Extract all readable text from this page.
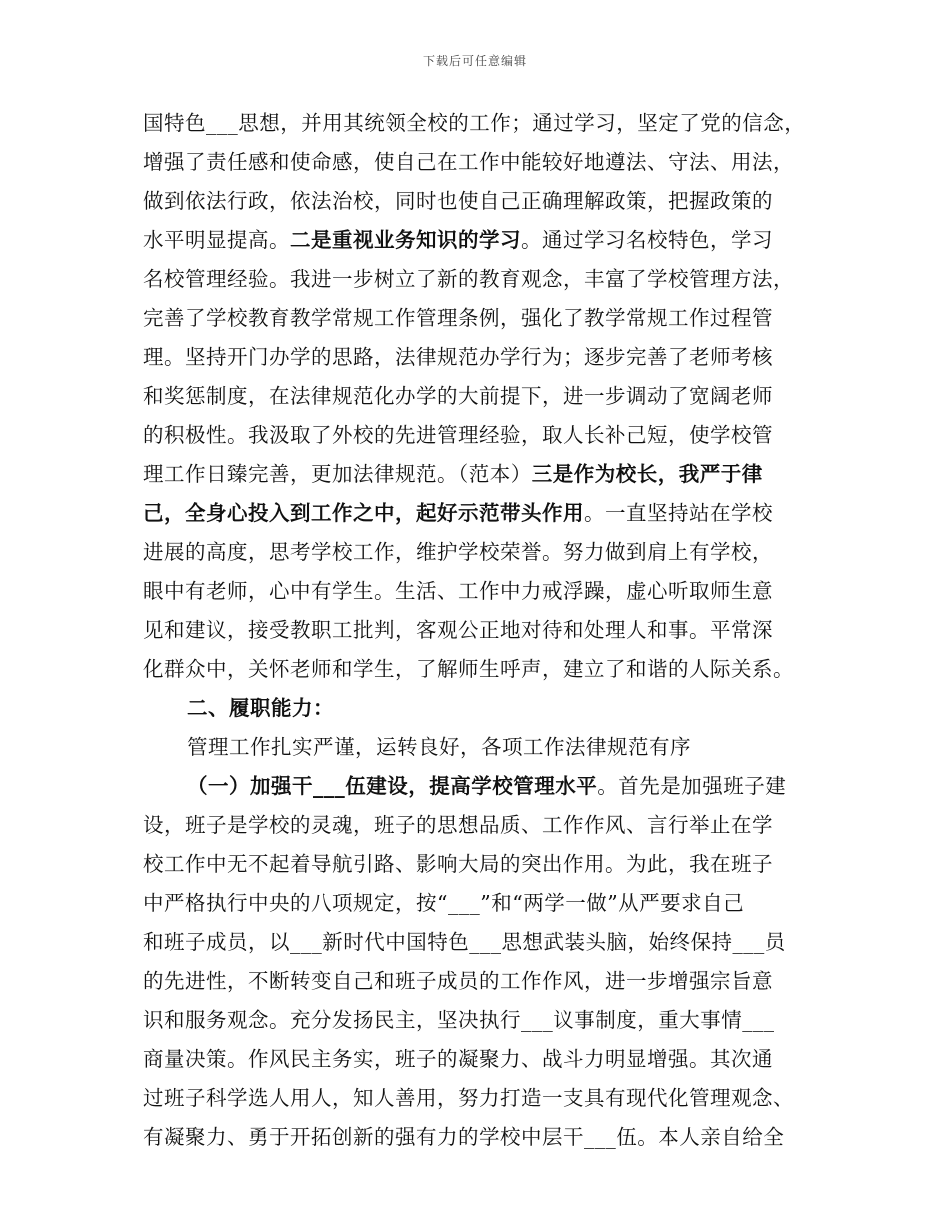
下载后可任意编辑
国特色___思想，并用其统领全校的工作；通过学习，坚定了党的信念，
增强了责任感和使命感，使自己在工作中能较好地遵法、守法、用法，
做到依法行政，依法治校，同时也使自己正确理解政策，把握政策的
水平明显提高。二是重视业务知识的学习。通过学习名校特色，学习
名校管理经验。我进一步树立了新的教育观念，丰富了学校管理方法，
完善了学校教育教学常规工作管理条例，强化了教学常规工作过程管
理。坚持开门办学的思路，法律规范办学行为；逐步完善了老师考核
和奖惩制度，在法律规范化办学的大前提下，进一步调动了宽阔老师
的积极性。我汲取了外校的先进管理经验，取人长补己短，使学校管
理工作日臻完善，更加法律规范。（范本）三是作为校长，我严于律
己，全身心投入到工作之中，起好示范带头作用。一直坚持站在学校
进展的高度，思考学校工作，维护学校荣誉。努力做到肩上有学校，
眼中有老师，心中有学生。生活、工作中力戒浮躁，虚心听取师生意
见和建议，接受教职工批判，客观公正地对待和处理人和事。平常深
化群众中，关怀老师和学生，了解师生呼声，建立了和谐的人际关系。
二、履职能力：
管理工作扎实严谨，运转良好，各项工作法律规范有序
（一）加强干___伍建设，提高学校管理水平。首先是加强班子建
设，班子是学校的灵魂，班子的思想品质、工作作风、言行举止在学
校工作中无不起着导航引路、影响大局的突出作用。为此，我在班子
中严格执行中央的八项规定，按“___”和“两学一做”从严要求自己
和班子成员，以___新时代中国特色___思想武装头脑，始终保持___员
的先进性，不断转变自己和班子成员的工作作风，进一步增强宗旨意
识和服务观念。充分发扬民主，坚决执行___议事制度，重大事情___
商量决策。作风民主务实，班子的凝聚力、战斗力明显增强。其次通
过班子科学选人用人，知人善用，努力打造一支具有现代化管理观念、
有凝聚力、勇于开拓创新的强有力的学校中层干___伍。本人亲自给全
